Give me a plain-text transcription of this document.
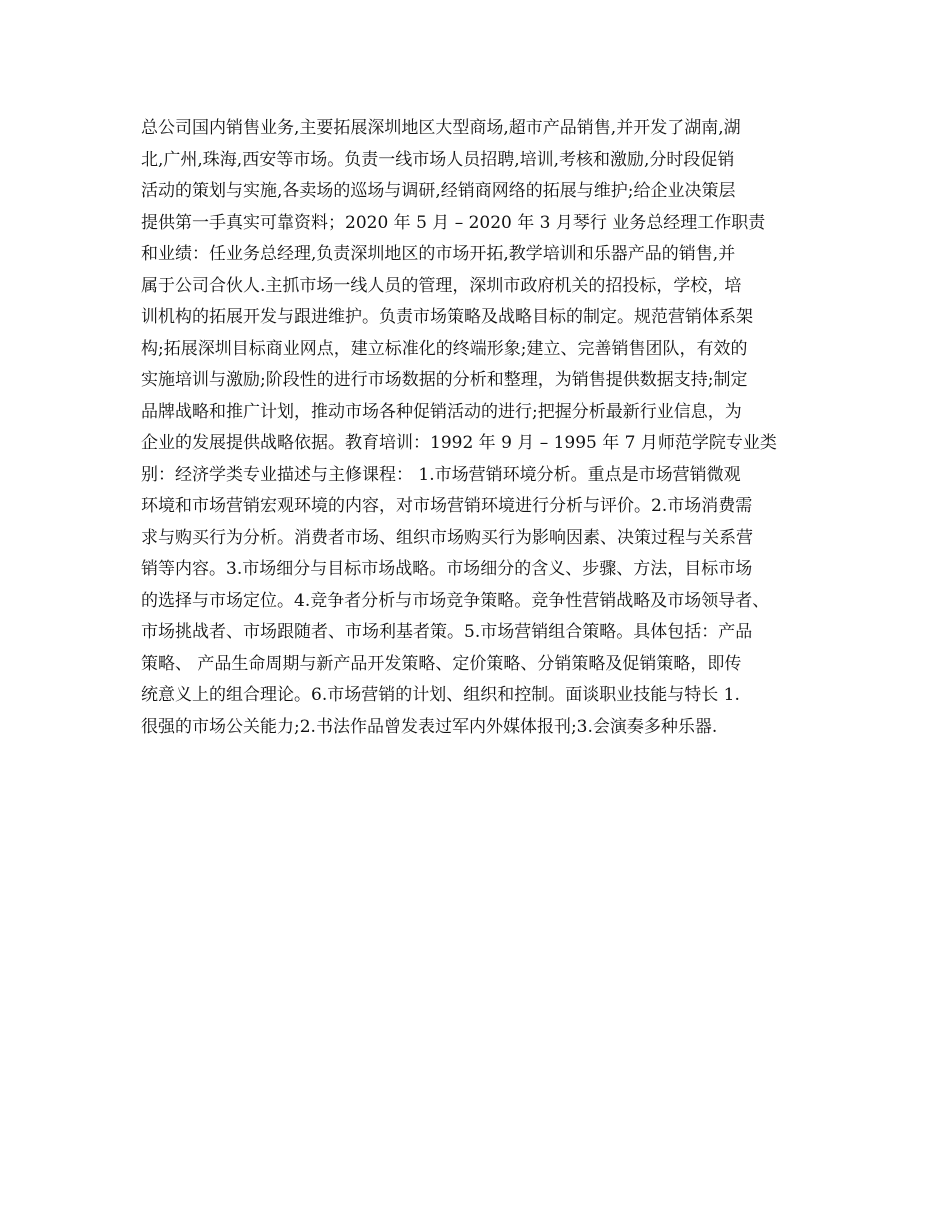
总公司国内销售业务,主要拓展深圳地区大型商场,超市产品销售,并开发了湖南,湖
北,广州,珠海,西安等市场。负责一线市场人员招聘,培训,考核和激励,分时段促销
活动的策划与实施,各卖场的巡场与调研,经销商网络的拓展与维护;给企业决策层
提供第一手真实可靠资料；2020 年 5 月 – 2020 年 3 月琴行 业务总经理工作职责
和业绩：任业务总经理,负责深圳地区的市场开拓,教学培训和乐器产品的销售,并
属于公司合伙人.主抓市场一线人员的管理，深圳市政府机关的招投标，学校，培
训机构的拓展开发与跟进维护。负责市场策略及战略目标的制定。规范营销体系架
构;拓展深圳目标商业网点，建立标准化的终端形象;建立、完善销售团队，有效的
实施培训与激励;阶段性的进行市场数据的分析和整理，为销售提供数据支持;制定
品牌战略和推广计划，推动市场各种促销活动的进行;把握分析最新行业信息，为
企业的发展提供战略依据。教育培训：1992 年 9 月 – 1995 年 7 月师范学院专业类
别：经济学类专业描述与主修课程： 1.市场营销环境分析。重点是市场营销微观
环境和市场营销宏观环境的内容，对市场营销环境进行分析与评价。2.市场消费需
求与购买行为分析。消费者市场、组织市场购买行为影响因素、决策过程与关系营
销等内容。3.市场细分与目标市场战略。市场细分的含义、步骤、方法，目标市场
的选择与市场定位。4.竞争者分析与市场竞争策略。竞争性营销战略及市场领导者、
市场挑战者、市场跟随者、市场利基者策。5.市场营销组合策略。具体包括：产品
策略、 产品生命周期与新产品开发策略、定价策略、分销策略及促销策略，即传
统意义上的组合理论。6.市场营销的计划、组织和控制。面谈职业技能与特长 1.
很强的市场公关能力;2.书法作品曾发表过军内外媒体报刊;3.会演奏多种乐器.
